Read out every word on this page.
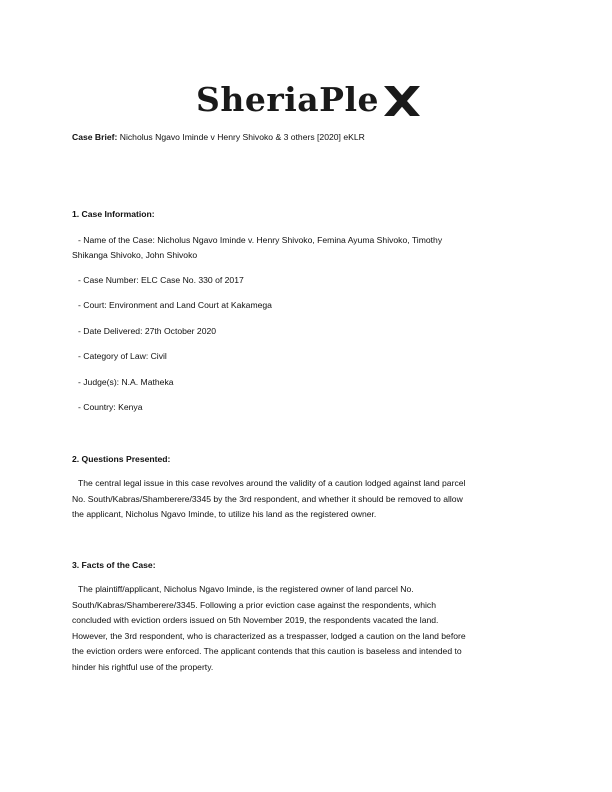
SheriaPle
Case Brief: Nicholus Ngavo Iminde v Henry Shivoko & 3 others [2020] eKLR
1. Case Information:
- Name of the Case: Nicholus Ngavo Iminde v. Henry Shivoko, Femina Ayuma Shivoko, Timothy
Shikanga Shivoko, John Shivoko
- Case Number: ELC Case No. 330 of 2017
- Court: Environment and Land Court at Kakamega
- Date Delivered: 27th October 2020
- Category of Law: Civil
- Judge(s): N.A. Matheka
- Country: Kenya
2. Questions Presented:
The central legal issue in this case revolves around the validity of a caution lodged against land parcel
No. South/Kabras/Shamberere/3345 by the 3rd respondent, and whether it should be removed to allow
the applicant, Nicholus Ngavo Iminde, to utilize his land as the registered owner.
3. Facts of the Case:
The plaintiff/applicant, Nicholus Ngavo Iminde, is the registered owner of land parcel No.
South/Kabras/Shamberere/3345. Following a prior eviction case against the respondents, which
concluded with eviction orders issued on 5th November 2019, the respondents vacated the land.
However, the 3rd respondent, who is characterized as a trespasser, lodged a caution on the land before
the eviction orders were enforced. The applicant contends that this caution is baseless and intended to
hinder his rightful use of the property.
